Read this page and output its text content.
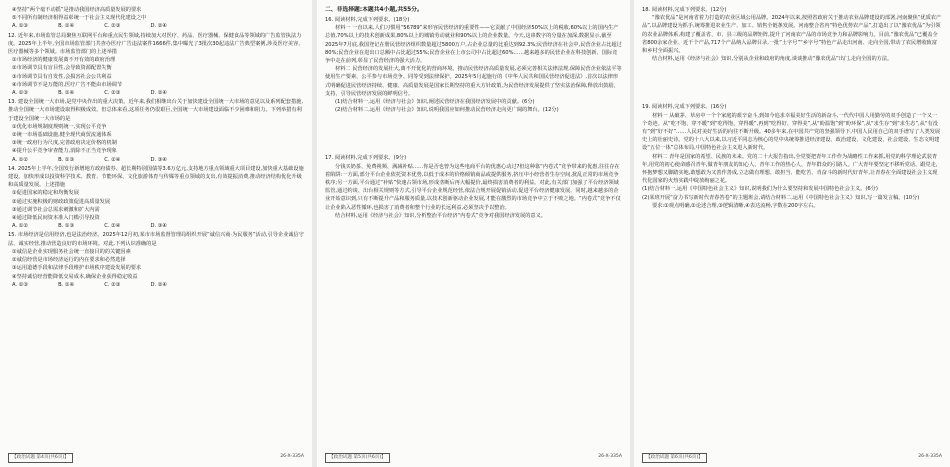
④坚持“两个毫不动摇”是推动我国经济高质量发展的要求

⑤不同所有制经济相得益彰统一于社会主义现代化建设之中

A. ①③	B. ①④	C. ②③	D. ②④

12. 近年来,市场监管总局聚焦互联网平台和重点民生领域,持续加大对医疗、药品、医疗器械、保健食品等领域的广告监管执法力度。2025年上半年,全国市场监管部门共查办医疗广告违法案件1666件,集中曝光了3批次30起违法广告典型案例,涉及医疗美容、医疗器械等多个领域。市场监管部门的上述举措

①市场经济的健康发展离不开有效的政府治理

②市场调节具有盲目性,会导致资源配置失衡

③市场调节具有自发性,会损害社会公共利益

④市场调节不是万能的,医疗广告不能由市场调节

A. ①③	B. ①④	C. ②③	D. ②④

13. 建设全国统一大市场,是党中央作出的重大决策。近年来,我们相继出台关于加快建设全国统一大市场的意见以及系列配套措施,推动全国统一大市场建设取得积极成效。但总体来看,这项任务仍很艰巨,全国统一大市场建设面临不少困难和阻力。下列举措有利于建设全国统一大市场的是

①优化市场规制度规则统一,实现公平竞争

②统一市场基础设施,健全现代商贸流通体系

③统一政府行为尺度,完善政府决定价格的机制

④提升公平竞争审查能力,消除不正当竞争现象

A. ①②	B. ①③	C. ②④	D. ③④

14. 2025年上半年,全国发行新增地方政府债券、超长期特别国债等3.6万亿元,支持地方重点领域重大项目建设,加快重大基础设施建设。加快形成以投资科学技术、教育、节能环保、文化旅游体育与传媒等重点领域的支出,有效提振消费,推动经济结构优化升级和高质量发展。上述措施

①促进国家的稳定和均衡发展

②通过实施积极的财政政策促进高质量发展

③通过调节社会总需求刺激和扩大内需

④通过降低民间资本准入门槛引导投资

A. ①②	B. ①③	C. ②④	D. ③④

15. 市场经济是信用经济,也是法治经济。2025年12月初,某市市场监督管理局组织开展“诚信兴商·为民服务”活动,引导企业诚信守法、诚实经营,推动营造良好的市场环境。对此,下列认识准确的是

①诚信是企业实现服务社会统一直接目的的关键因素

②诚信经营是市场经济运行的内在要求和必然选择

③运用道德手段和法律手段维护市场秩序建设发展的要求

④坚持诚信经营能降低交易成本,确保企业获得稳定收益

A. ①③	B. ①④	C. ②③	D. ②④
【政治试题 第4页(共6页)】	26-X-335A

二、非选择题:本题共4小题,共55分。

16. 阅读材料,完成下列要求。(18分)

材料一 一直以来,人们习惯用“56789”来形容民营经济的重要性——它贡献了中国经济50%以上的税收,60%以上的国内生产总值,70%以上的技术创新成果,80%以上的城镇劳动就业和90%以上的企业数量。今天,这串数字的分量在加深,数据显示,截至2025年7月底,我国登记在册民营经济组织数量超过5800万户,占企业总量的比重达到92.3%;民营经济在社会中,民营企业占比超过80%;民营企业在进出口总额中占比超过55%;民营企业在上市公司中占比超过60%……越来越多的民营企业在科技创新、国际竞争中走在前列,彰显了民营经济的强大活力。

材料二 民营经济的发展壮大,离不开优化的营商环境。推动民营经济高质量发展,必须完善相关法律法规,保障民营企业依法平等使用生产要素、公平参与市场竞争、同等受到法律保护。2025年5月起施行的《中华人民共和国民营经济促进法》,首次以法律形式明确促进民营经济持续、健康、高质量发展是国家长期坚持的重大方针政策,为民营经济发展提供了坚实法治保障,释放出鼓励、支持、引导民营经济发展的鲜明信号。

(1)结合材料一,运用《经济与社会》知识,阐述民营经济在我国经济发展中的贡献。(6分)

(2)结合材料二,运用《经济与社会》知识,说明我国应如何推动民营经济走向更广阔的舞台。(12分)

17. 阅读材料,完成下列要求。(9分)

分钱买奶茶、免费视频、满减补贴……你是否也曾为这些电商平台的优惠心动过?但这种靠“内卷式”竞争带来的优惠,往往存在着陷阱:一方面,部分平台企业依托资本优势,以低于成本的价格倾销商品或提供服务,挤压中小经营者生存空间,扰乱正常的市场竞争秩序;另一方面,平台通过“补贴”快速占领市场,形成垄断后再大幅提价,最终损害消费者的利益。对此,有关部门加强了平台经济领域监管,通过约谈、出台相关规则等方式,引导平台企业规范经营,依法合规开展促销活动,促进平台经济健康发展。同时,越来越多的企业开始意识到,只有不断提升产品和服务质量,以技术创新驱动企业发展,才能在激烈的市场竞争中立于不败之地。“内卷式”竞争不仅让企业陷入恶性循环,也损害了消费者和整个行业的长远利益,必须坚决予以整治。

结合材料,运用《经济与社会》知识,分析整治平台经济“内卷式”竞争对我国经济发展的意义。

【政治试题 第5页(共6页)】	26-X-335A

18. 阅读材料,完成下列要求。(12分)

“豫农优品”是河南省着力打造的农业区域公用品牌。2024年以来,按照省政府关于推动农业品牌建设的部署,河南聚焦“优质农产品”,以品牌建设为抓手,统筹推进农业生产、加工、销售全链条发展。河南整合省内“特色优势农产品”,打造出了以“豫农优品”为引领的农业品牌体系,构建了覆盖省、市、县三级的品牌矩阵,提升了河南农产品的市场竞争力和品牌影响力。目前,“豫农优品”已覆盖全省800余家企业、近千个产品,717个产品纳入品牌目录,一批“土字号”“乡字号”特色产品走出河南、走向全国,带动了农民增收致富和乡村全面振兴。

结合材料,运用《经济与社会》知识,分别从企业和政府的角度,谈谈推动“豫农优品”出门,走向全国的方法。

19. 阅读材料,完成下列要求。(16分)

材料一 从破茅、草房中一个个家庭的艰辛奋斗,到如今追求幸福美好生活的新奋斗,一代代中国人用勤劳的双手创造了一个又一个奇迹。从“吃不饱、穿不暖”到“吃得饱、穿得暖”,再到“吃得好、穿得美”,从“盼温饱”到“盼环保”,从“求生存”到“求生态”,从“有没有”到“好不好”……人民对美好生活的向往不断升级。40多年来,在中国共产党的坚强领导下,中国人民用自己的双手谱写了人类发展史上的壮丽史诗。党的十八大以来,以习近平同志为核心的党中央统筹推进经济建设、政治建设、文化建设、社会建设、生态文明建设“五位一体”总体布局,中国特色社会主义进入新时代。

材料二 青年是国家的希望、民族的未来。党的二十大报告指出,全党要把青年工作作为战略性工作来抓,用党的科学理论武装青年,用党的初心使命感召青年,做青年朋友的知心人、青年工作的热心人、青年群众的引路人。广大青年要坚定不移听党话、跟党走,怀抱梦想又脚踏实地,敢想敢为又善作善成,立志做有理想、敢担当、能吃苦、肯奋斗的新时代好青年,让青春在全面建设社会主义现代化国家的火热实践中绽放绚丽之花。

(1)结合材料一,运用《中国特色社会主义》知识,说明我们为什么要坚持和发展中国特色社会主义。(6分)

(2)某班开展“奋力书写新时代青春答卷”的主题班会,请结合材料二,运用《中国特色社会主义》知识,写一篇发言稿。(10分)

要求:①观点明确,②论述合理,③逻辑清晰,④表达流畅,字数在200字左右。

【政治试题 第6页(共6页)】	26-X-335A
